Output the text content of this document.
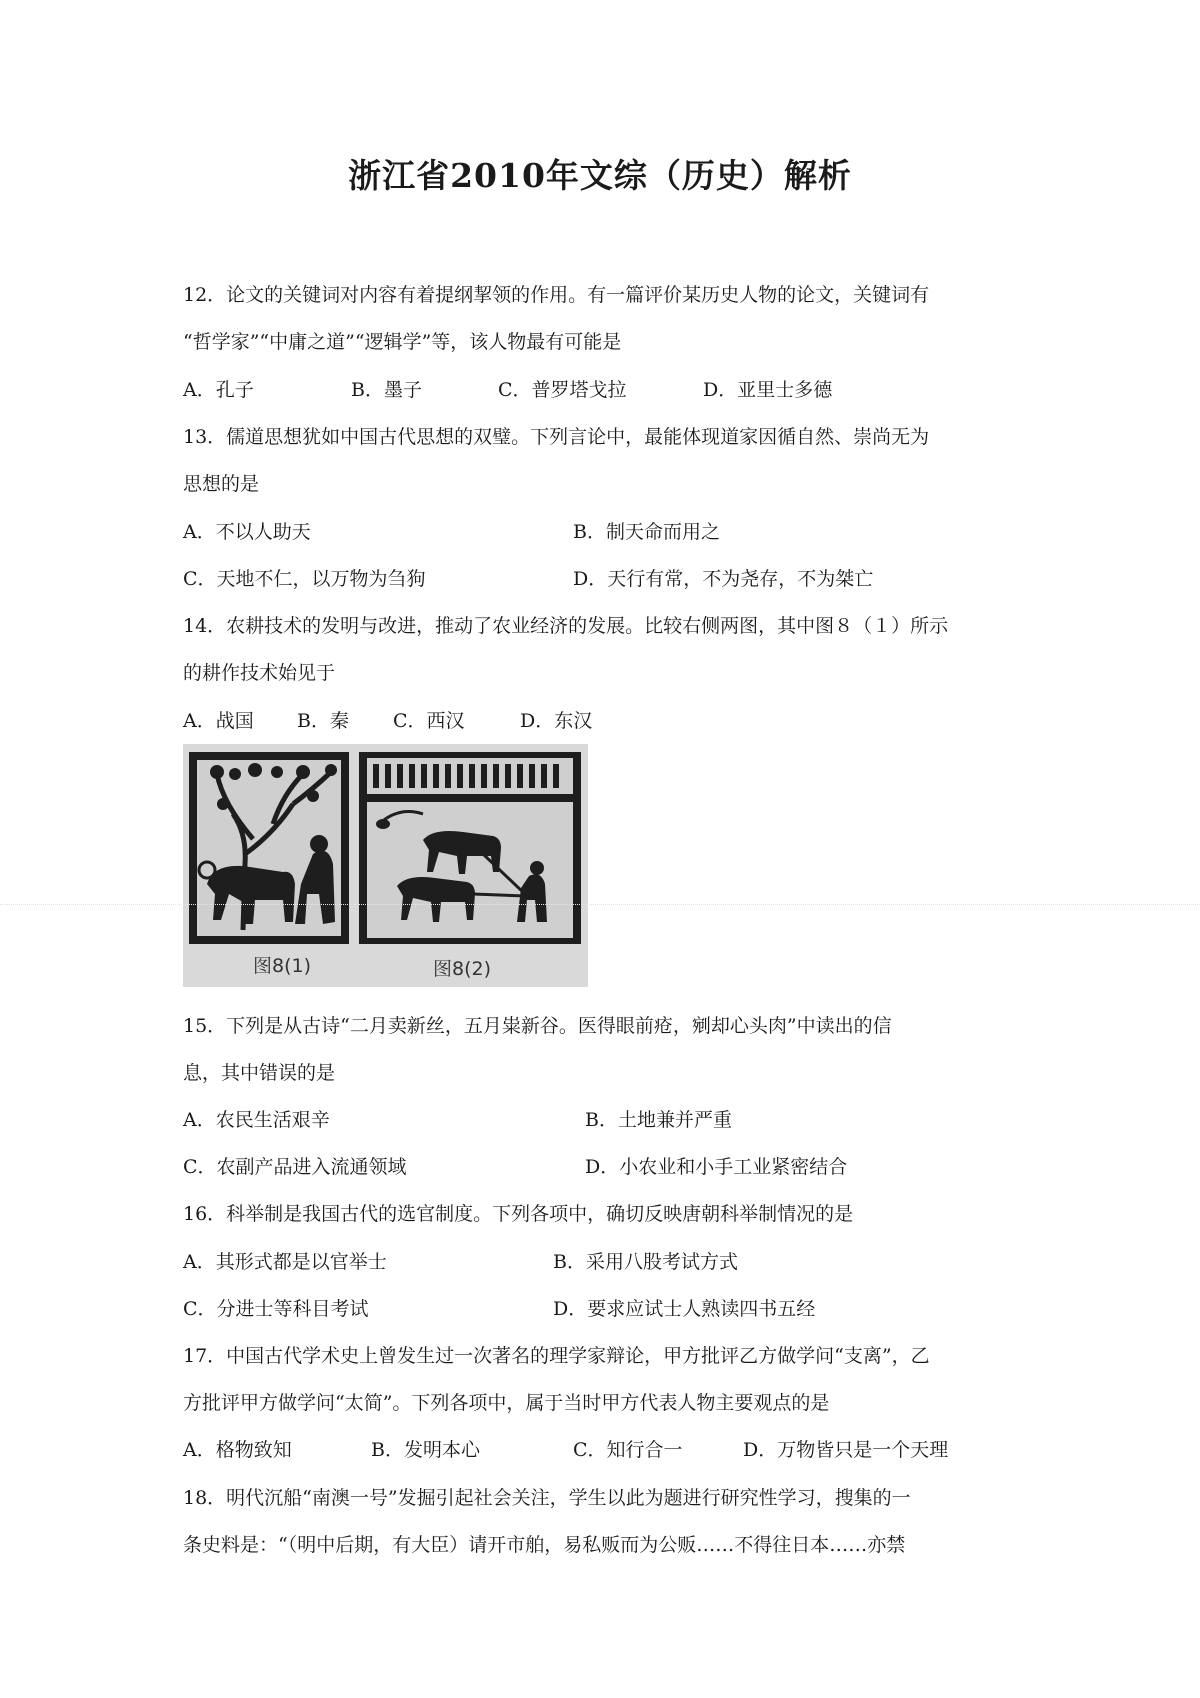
浙江省2010年文综（历史）解析
12．论文的关键词对内容有着提纲挈领的作用。有一篇评价某历史人物的论文，关键词有
“哲学家”“中庸之道”“逻辑学”等，该人物最有可能是
A．孔子	B．墨子	C．普罗塔戈拉	D．亚里士多德
13．儒道思想犹如中国古代思想的双璧。下列言论中，最能体现道家因循自然、崇尚无为
思想的是
A．不以人助天	B．制天命而用之
C．天地不仁，以万物为刍狗	D．天行有常，不为尧存，不为桀亡
14．农耕技术的发明与改进，推动了农业经济的发展。比较右侧两图，其中图８（１）所示
的耕作技术始见于
A．战国 B．秦 C．西汉	D．东汉
图8(1)	图8(2)
15．下列是从古诗“二月卖新丝，五月粜新谷。医得眼前疮，剜却心头肉”中读出的信
息，其中错误的是
A．农民生活艰辛	B．土地兼并严重
C．农副产品进入流通领域	D．小农业和小手工业紧密结合
16．科举制是我国古代的选官制度。下列各项中，确切反映唐朝科举制情况的是
A．其形式都是以官举士	B．采用八股考试方式
C．分进士等科目考试	D．要求应试士人熟读四书五经
17．中国古代学术史上曾发生过一次著名的理学家辩论，甲方批评乙方做学问“支离”，乙
方批评甲方做学问“太简”。下列各项中，属于当时甲方代表人物主要观点的是
A．格物致知	B．发明本心	C．知行合一	D．万物皆只是一个天理
18．明代沉船“南澳一号”发掘引起社会关注，学生以此为题进行研究性学习，搜集的一
条史料是：“（明中后期，有大臣）请开市舶，易私贩而为公贩……不得往日本……亦禁
